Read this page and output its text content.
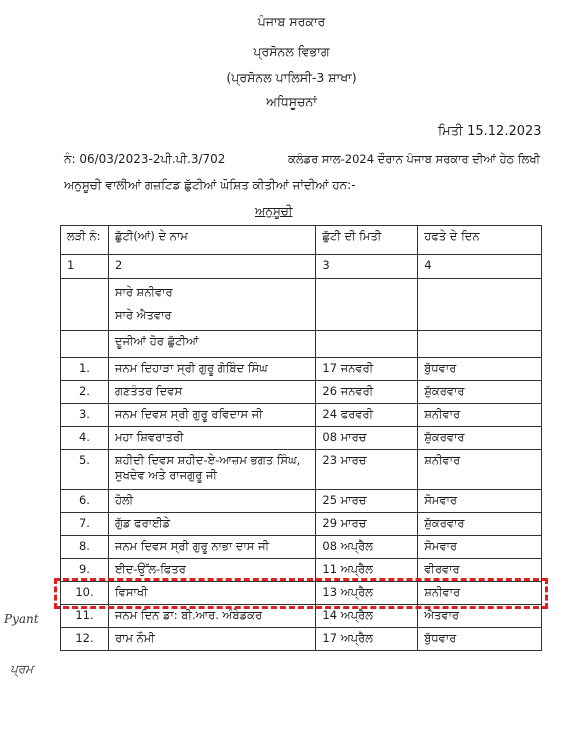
ਪੰਜਾਬ ਸਰਕਾਰ
ਪ੍ਰਸੋਨਲ ਵਿਭਾਗ
(ਪ੍ਰਸੋਨਲ ਪਾਲਿਸੀ-3 ਸ਼ਾਖਾ)
ਅਧਿਸੂਚਨਾਂ
ਮਿਤੀ 15.12.2023
ਨੰ: 06/03/2023-2ਪੀ.ਪੀ.3/702	ਕਲੰਡਰ ਸਾਲ-2024 ਦੌਰਾਨ ਪੰਜਾਬ ਸਰਕਾਰ ਦੀਆਂ ਹੇਠ ਲਿਖੀ
ਅਨੁਸੂਚੀ ਵਾਲੀਆਂ ਗਜ਼ਟਿਡ ਛੁੱਟੀਆਂ ਘੋਸ਼ਿਤ ਕੀਤੀਆਂ ਜਾਂਦੀਆਂ ਹਨ:-
ਅਨੁਸੂਚੀ
ਲੜੀ ਨੰ:	ਛੁੱਟੀ(ਆਂ) ਦੇ ਨਾਮ	ਛੁੱਟੀ ਦੀ ਮਿਤੀ	ਹਫਤੇ ਦੇ ਦਿਨ
1	2	3	4

	ਸਾਰੇ ਸ਼ਨੀਵਾਰ
ਸਾਰੇ ਐਤਵਾਰ		

	ਦੂਜੀਆਂ ਹੋਰ ਛੁੱਟੀਆਂ		
1.	ਜਨਮ ਦਿਹਾੜਾ ਸ੍ਰੀ ਗੁਰੂ ਗੋਬਿੰਦ ਸਿੰਘ	17 ਜਨਵਰੀ	ਬੁੱਧਵਾਰ
2.	ਗਣਤੰਤਰ ਦਿਵਸ	26 ਜਨਵਰੀ	ਸ਼ੁੱਕਰਵਾਰ
3.	ਜਨਮ ਦਿਵਸ ਸ੍ਰੀ ਗੁਰੂ ਰਵਿਦਾਸ ਜੀ	24 ਫਰਵਰੀ	ਸ਼ਨੀਵਾਰ
4.	ਮਹਾ ਸ਼ਿਵਰਾਤਰੀ	08 ਮਾਰਚ	ਸ਼ੁੱਕਰਵਾਰ
5.	ਸ਼ਹੀਦੀ ਦਿਵਸ ਸ਼ਹੀਦ-ਏ-ਆਜ਼ਮ ਭਗਤ ਸਿੰਘ, ਸੁਖਦੇਵ ਅਤੇ ਰਾਜਗੁਰੂ ਜੀ	23 ਮਾਰਚ	ਸ਼ਨੀਵਾਰ
6.	ਹੋਲੀ	25 ਮਾਰਚ	ਸੋਮਵਾਰ
7.	ਗੁੱਡ ਫਰਾਈਡੇ	29 ਮਾਰਚ	ਸ਼ੁੱਕਰਵਾਰ
8.	ਜਨਮ ਦਿਵਸ ਸ੍ਰੀ ਗੁਰੂ ਨਾਭਾ ਦਾਸ ਜੀ	08 ਅਪ੍ਰੈਲ	ਸੋਮਵਾਰ
9.	ਈਦ-ਉੱਲ-ਫਿਤਰ	11 ਅਪ੍ਰੈਲ	ਵੀਰਵਾਰ
10.	ਵਿਸਾਖੀ	13 ਅਪ੍ਰੈਲ	ਸ਼ਨੀਵਾਰ
11.	ਜਨਮ ਦਿਨ ਡਾ: ਬੀ.ਆਰ. ਅੰਬੇਡਕਰ	14 ਅਪ੍ਰੈਲ	ਐਤਵਾਰ
12.	ਰਾਮ ਨੌਮੀ	17 ਅਪ੍ਰੈਲ	ਬੁੱਧਵਾਰ
Pyant
ਪ੍ਰਮ
